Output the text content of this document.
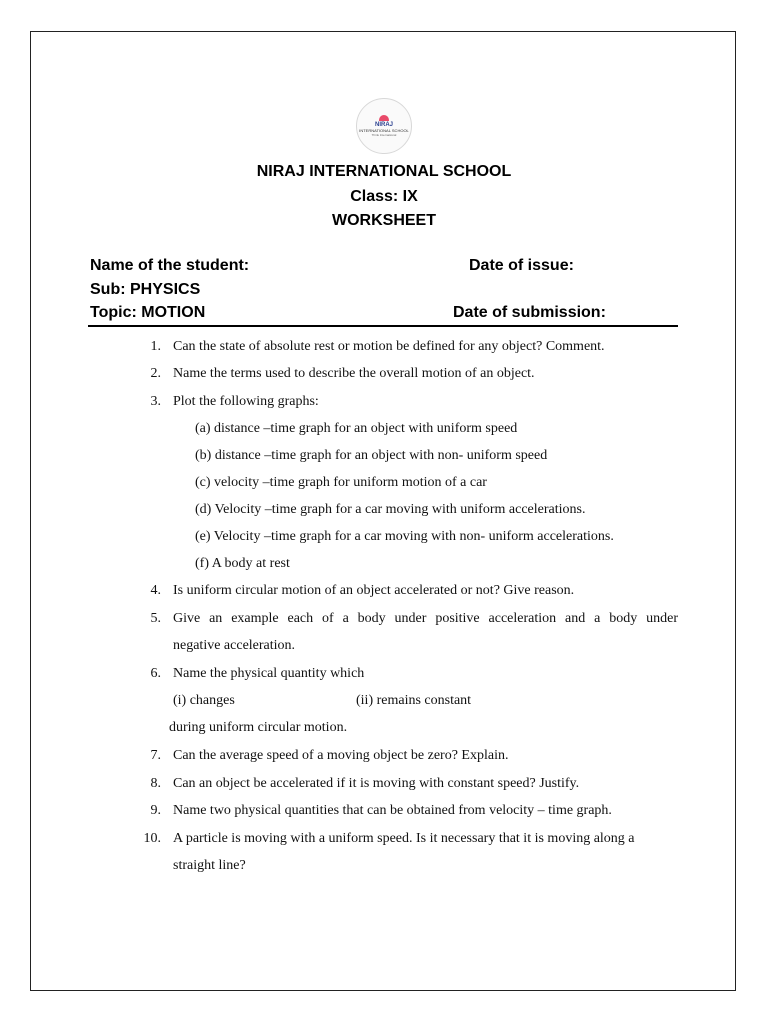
NIRAJ
INTERNATIONAL SCHOOL
Think International
NIRAJ INTERNATIONAL SCHOOL
Class: IX
WORKSHEET
Name of the student:	Date of issue:
Sub: PHYSICS
Topic: MOTION	Date of submission:
1. Can the state of absolute rest or motion be defined for any object? Comment.
2. Name the terms used to describe the overall motion of an object.
3. Plot the following graphs:
(a) distance –time graph for an object with uniform speed
(b) distance –time graph for an object with non- uniform speed
(c) velocity –time graph for uniform motion of a car
(d) Velocity –time graph for a car moving with uniform accelerations.
(e) Velocity –time graph for a car moving with non- uniform accelerations.
(f) A body at rest
4. Is uniform circular motion of an object accelerated or not? Give reason.
5. Give an example each of a body under positive acceleration and a body under
negative acceleration.
6. Name the physical quantity which
(i) changes	(ii) remains constant
during uniform circular motion.
7. Can the average speed of a moving object be zero? Explain.
8. Can an object be accelerated if it is moving with constant speed? Justify.
9. Name two physical quantities that can be obtained from velocity – time graph.
10. A particle is moving with a uniform speed. Is it necessary that it is moving along a
straight line?
